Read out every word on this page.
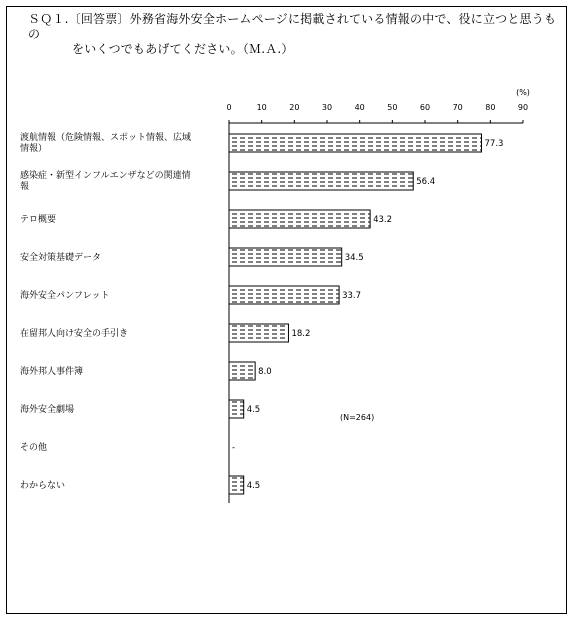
ＳＱ１.〔回答票〕外務省海外安全ホームページに掲載されている情報の中で、役に立つと思うもの
をいくつでもあげてください。（Ｍ.Ａ.）
(%)
0	10	20	30	40	50	60	70	80	90
渡航情報（危険情報、スポット情報、広域
情報）	77.3
感染症・新型インフルエンザなどの関連情
報	56.4
テロ概要	43.2
安全対策基礎データ	34.5
海外安全パンフレット	33.7
在留邦人向け安全の手引き	18.2
海外邦人事件簿	8.0
海外安全劇場	4.5
その他	-
わからない	4.5
(N=264)
